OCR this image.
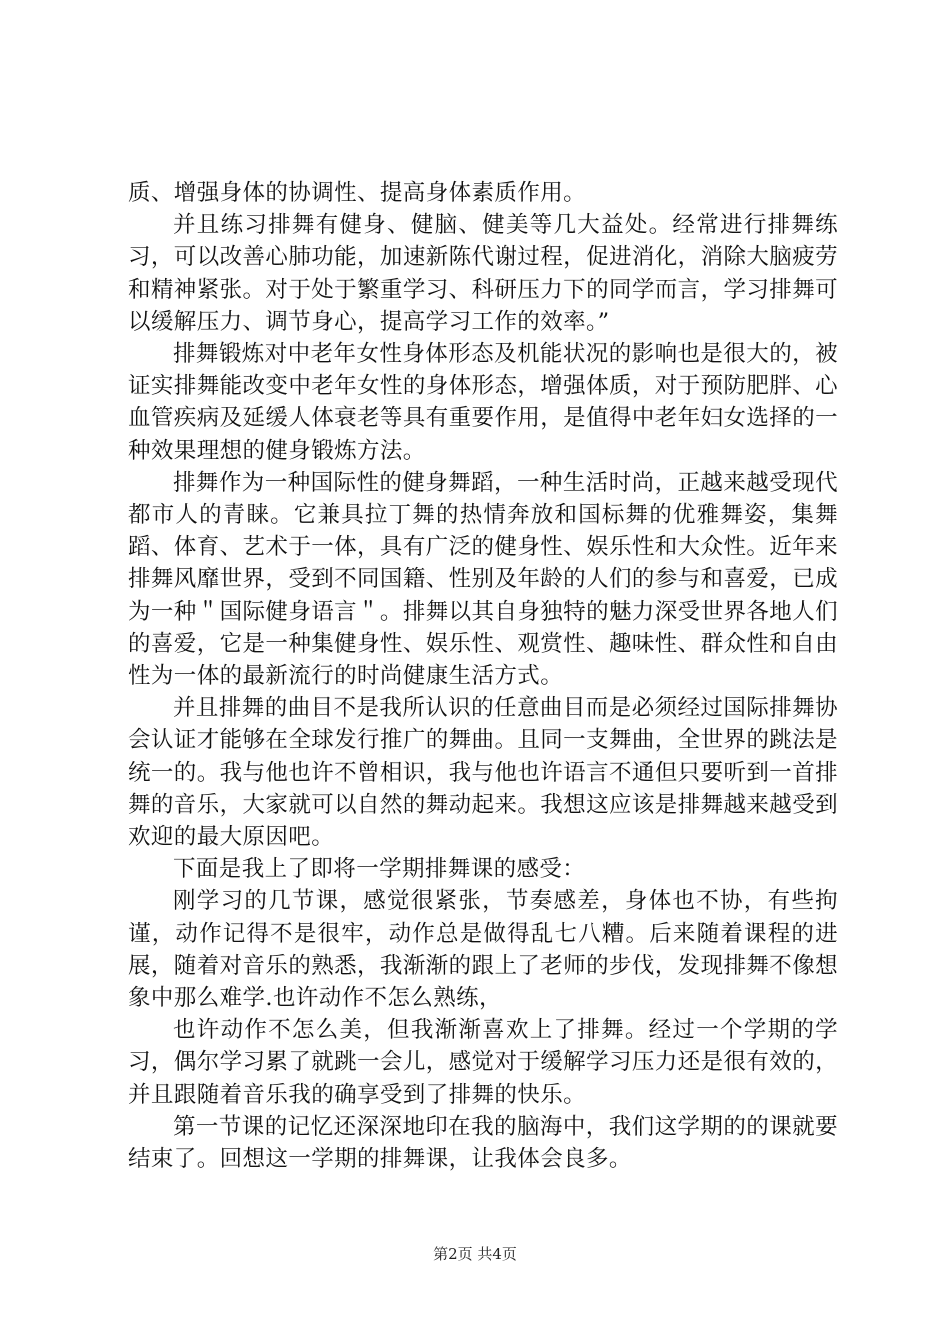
质、增强身体的协调性、提高身体素质作用。

并且练习排舞有健身、健脑、健美等几大益处。经常进行排舞练习，可以改善心肺功能，加速新陈代谢过程，促进消化，消除大脑疲劳和精神紧张。对于处于繁重学习、科研压力下的同学而言，学习排舞可以缓解压力、调节身心，提高学习工作的效率。”

排舞锻炼对中老年女性身体形态及机能状况的影响也是很大的，被证实排舞能改变中老年女性的身体形态，增强体质，对于预防肥胖、心血管疾病及延缓人体衰老等具有重要作用，是值得中老年妇女选择的一种效果理想的健身锻炼方法。

排舞作为一种国际性的健身舞蹈，一种生活时尚，正越来越受现代都市人的青睐。它兼具拉丁舞的热情奔放和国标舞的优雅舞姿，集舞蹈、体育、艺术于一体，具有广泛的健身性、娱乐性和大众性。近年来排舞风靡世界，受到不同国籍、性别及年龄的人们的参与和喜爱，已成为一种＂国际健身语言＂。排舞以其自身独特的魅力深受世界各地人们的喜爱，它是一种集健身性、娱乐性、观赏性、趣味性、群众性和自由性为一体的最新流行的时尚健康生活方式。

并且排舞的曲目不是我所认识的任意曲目而是必须经过国际排舞协会认证才能够在全球发行推广的舞曲。且同一支舞曲，全世界的跳法是统一的。我与他也许不曾相识，我与他也许语言不通但只要听到一首排舞的音乐，大家就可以自然的舞动起来。我想这应该是排舞越来越受到欢迎的最大原因吧。

下面是我上了即将一学期排舞课的感受：

刚学习的几节课，感觉很紧张，节奏感差，身体也不协，有些拘谨，动作记得不是很牢，动作总是做得乱七八糟。后来随着课程的进展，随着对音乐的熟悉，我渐渐的跟上了老师的步伐，发现排舞不像想象中那么难学.也许动作不怎么熟练，

也许动作不怎么美，但我渐渐喜欢上了排舞。经过一个学期的学习，偶尔学习累了就跳一会儿，感觉对于缓解学习压力还是很有效的，并且跟随着音乐我的确享受到了排舞的快乐。

第一节课的记忆还深深地印在我的脑海中，我们这学期的的课就要结束了。回想这一学期的排舞课，让我体会良多。

第2页 共4页
